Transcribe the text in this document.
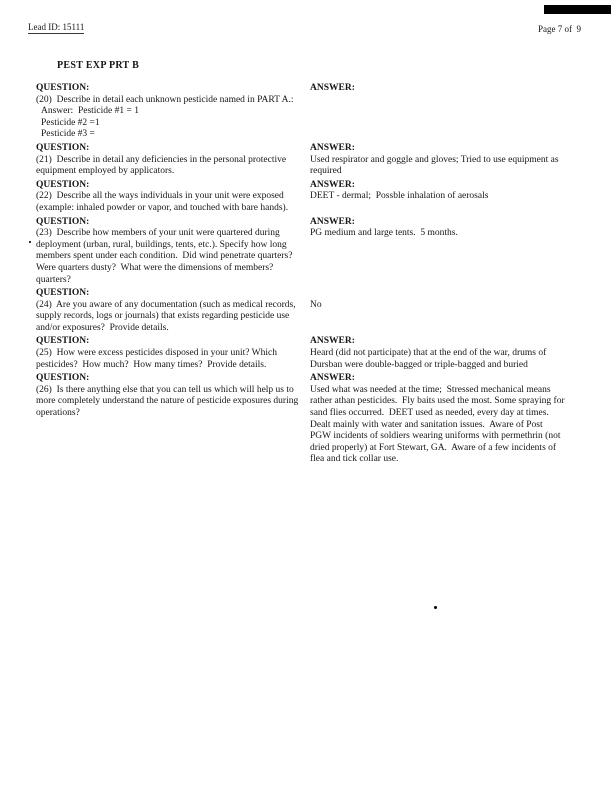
Lead ID: 15111	Page 7 of  9
PEST EXP PRT B
QUESTION:
(20)  Describe in detail each unknown pesticide named in PART A.:
Answer:  Pesticide #1 = 1
Pesticide #2 =1
Pesticide #3 =
ANSWER:
QUESTION:
(21)  Describe in detail any deficiencies in the personal protective equipment employed by applicators.
ANSWER:
Used respirator and goggle and gloves; Tried to use equipment as required
QUESTION:
(22)  Describe all the ways individuals in your unit were exposed (example: inhaled powder or vapor, and touched with bare hands).
ANSWER:
DEET - dermal;  Possble inhalation of aerosals
QUESTION:
(23)  Describe how members of your unit were quartered during deployment (urban, rural, buildings, tents, etc.). Specify how long members spent under each condition.  Did wind penetrate quarters?  Were quarters dusty?  What were the dimensions of members? quarters?
ANSWER:
PG medium and large tents.  5 months.
QUESTION:
(24)  Are you aware of any documentation (such as medical records, supply records, logs or journals) that exists regarding pesticide use and/or exposures?  Provide details.
No
QUESTION:
(25)  How were excess pesticides disposed in your unit? Which pesticides?  How much?  How many times?  Provide details.
ANSWER:
Heard (did not participate) that at the end of the war, drums of Dursban were double-bagged or triple-bagged and buried
QUESTION:
(26)  Is there anything else that you can tell us which will help us to more completely understand the nature of pesticide exposures during operations?
ANSWER:
Used what was needed at the time;  Stressed mechanical means rather athan pesticides.  Fly baits used the most. Some spraying for sand flies occurred.  DEET used as needed, every day at times.  Dealt mainly with water and sanitation issues.  Aware of Post PGW incidents of soldiers wearing uniforms with permethrin (not dried properly) at Fort Stewart, GA.  Aware of a few incidents of flea and tick collar use.
